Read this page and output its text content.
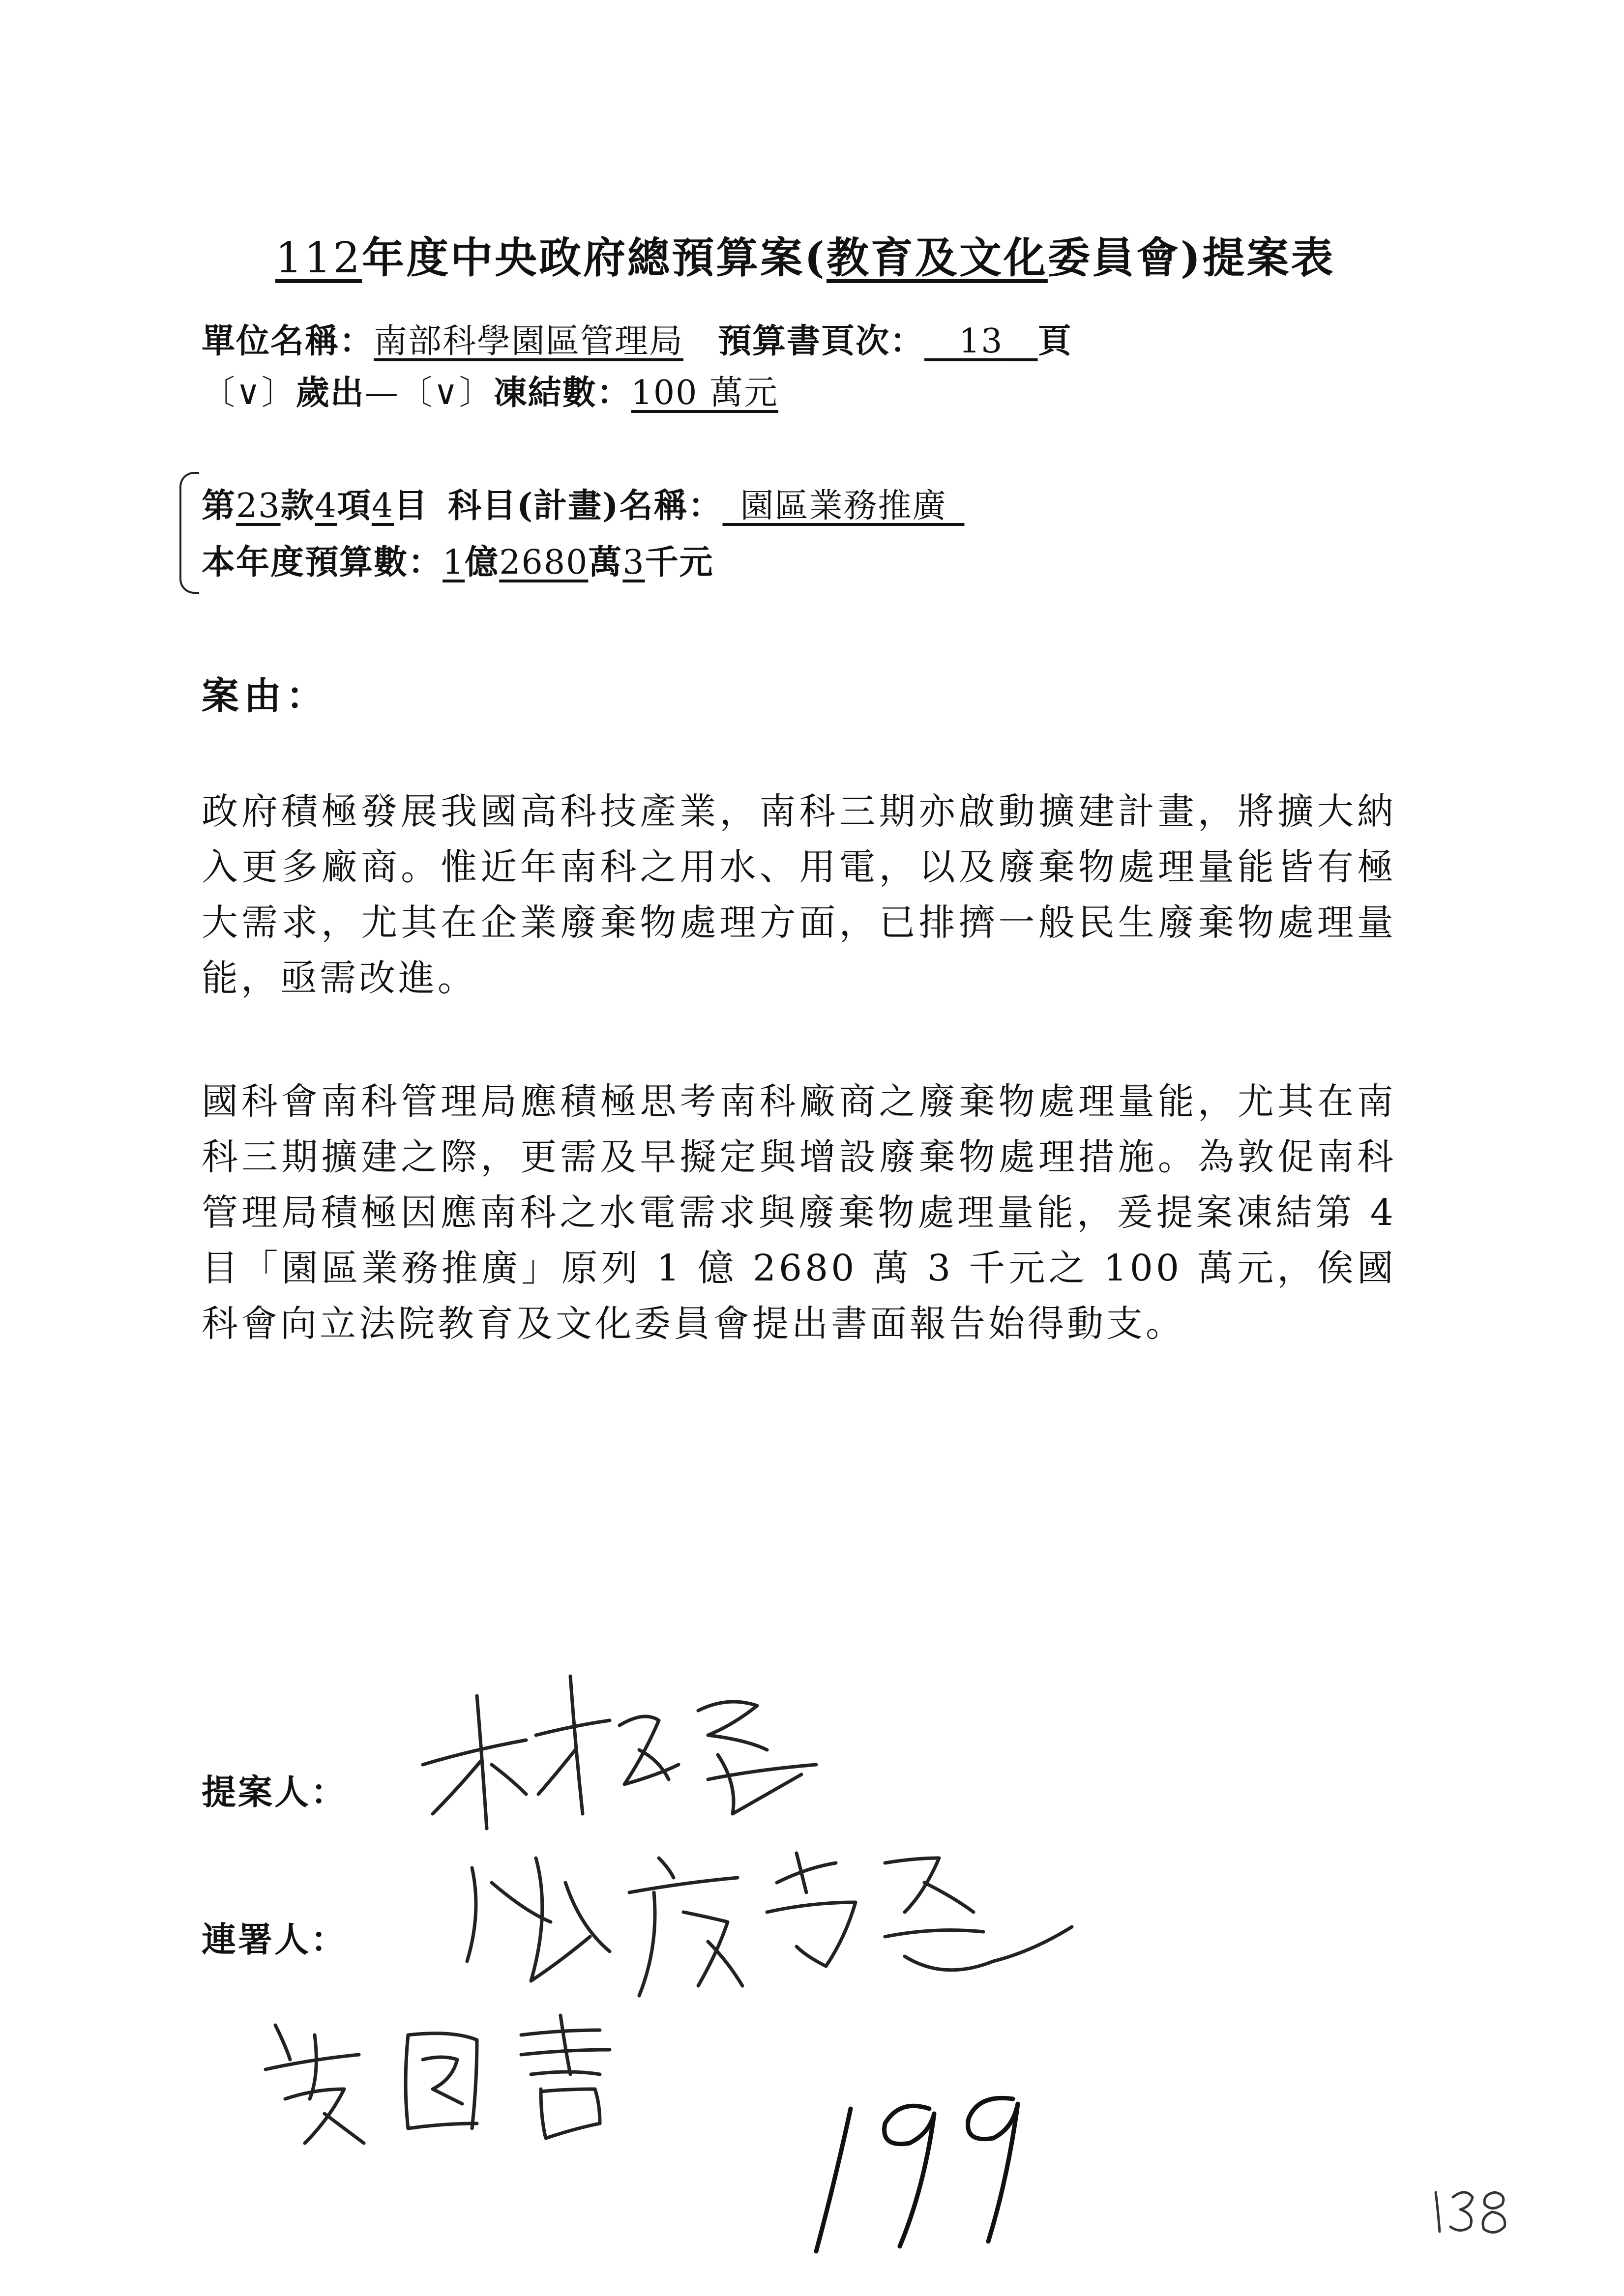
112年度中央政府總預算案(教育及文化委員會)提案表
單位名稱：南部科學園區管理局 預算書頁次：  13  頁
〔∨〕歲出—〔∨〕凍結數：100 萬元
第23款4項4目 科目(計畫)名稱：  園區業務推廣 
本年度預算數：1億2680萬3千元
案由：
政府積極發展我國高科技產業，南科三期亦啟動擴建計畫，將擴大納入更多廠商。惟近年南科之用水、用電，以及廢棄物處理量能皆有極大需求，尤其在企業廢棄物處理方面，已排擠一般民生廢棄物處理量能，亟需改進。
國科會南科管理局應積極思考南科廠商之廢棄物處理量能，尤其在南科三期擴建之際，更需及早擬定與增設廢棄物處理措施。為敦促南科管理局積極因應南科之水電需求與廢棄物處理量能，爰提案凍結第 4 目「園區業務推廣」原列 1 億 2680 萬 3 千元之 100 萬元，俟國科會向立法院教育及文化委員會提出書面報告始得動支。
提案人：
連署人：
